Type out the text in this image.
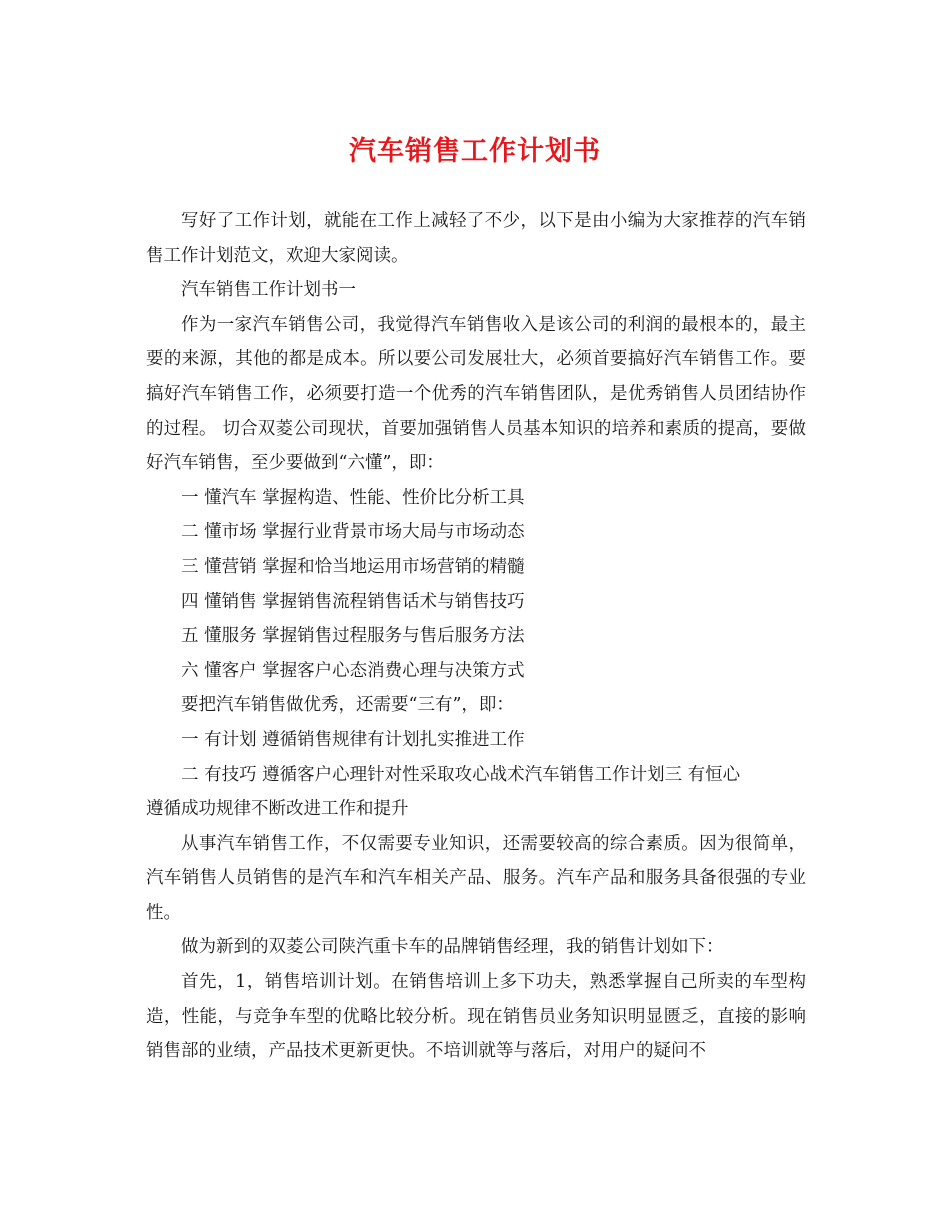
汽车销售工作计划书

写好了工作计划，就能在工作上减轻了不少，以下是由小编为大家推荐的汽车销售工作计划范文，欢迎大家阅读。

汽车销售工作计划书一

作为一家汽车销售公司，我觉得汽车销售收入是该公司的利润的最根本的，最主要的来源，其他的都是成本。所以要公司发展壮大，必须首要搞好汽车销售工作。要搞好汽车销售工作，必须要打造一个优秀的汽车销售团队，是优秀销售人员团结协作的过程。 切合双菱公司现状，首要加强销售人员基本知识的培养和素质的提高，要做好汽车销售，至少要做到“六懂”，即：

一 懂汽车 掌握构造、性能、性价比分析工具

二 懂市场 掌握行业背景市场大局与市场动态

三 懂营销 掌握和恰当地运用市场营销的精髓

四 懂销售 掌握销售流程销售话术与销售技巧

五 懂服务 掌握销售过程服务与售后服务方法

六 懂客户 掌握客户心态消费心理与决策方式

要把汽车销售做优秀，还需要“三有”，即：

一 有计划 遵循销售规律有计划扎实推进工作

二 有技巧 遵循客户心理针对性采取攻心战术汽车销售工作计划三 有恒心

遵循成功规律不断改进工作和提升

从事汽车销售工作，不仅需要专业知识，还需要较高的综合素质。因为很简单，汽车销售人员销售的是汽车和汽车相关产品、服务。汽车产品和服务具备很强的专业性。

做为新到的双菱公司陕汽重卡车的品牌销售经理，我的销售计划如下：

首先，1，销售培训计划。在销售培训上多下功夫，熟悉掌握自己所卖的车型构造，性能，与竞争车型的优略比较分析。现在销售员业务知识明显匮乏，直接的影响销售部的业绩，产品技术更新更快。不培训就等与落后，对用户的疑问不
